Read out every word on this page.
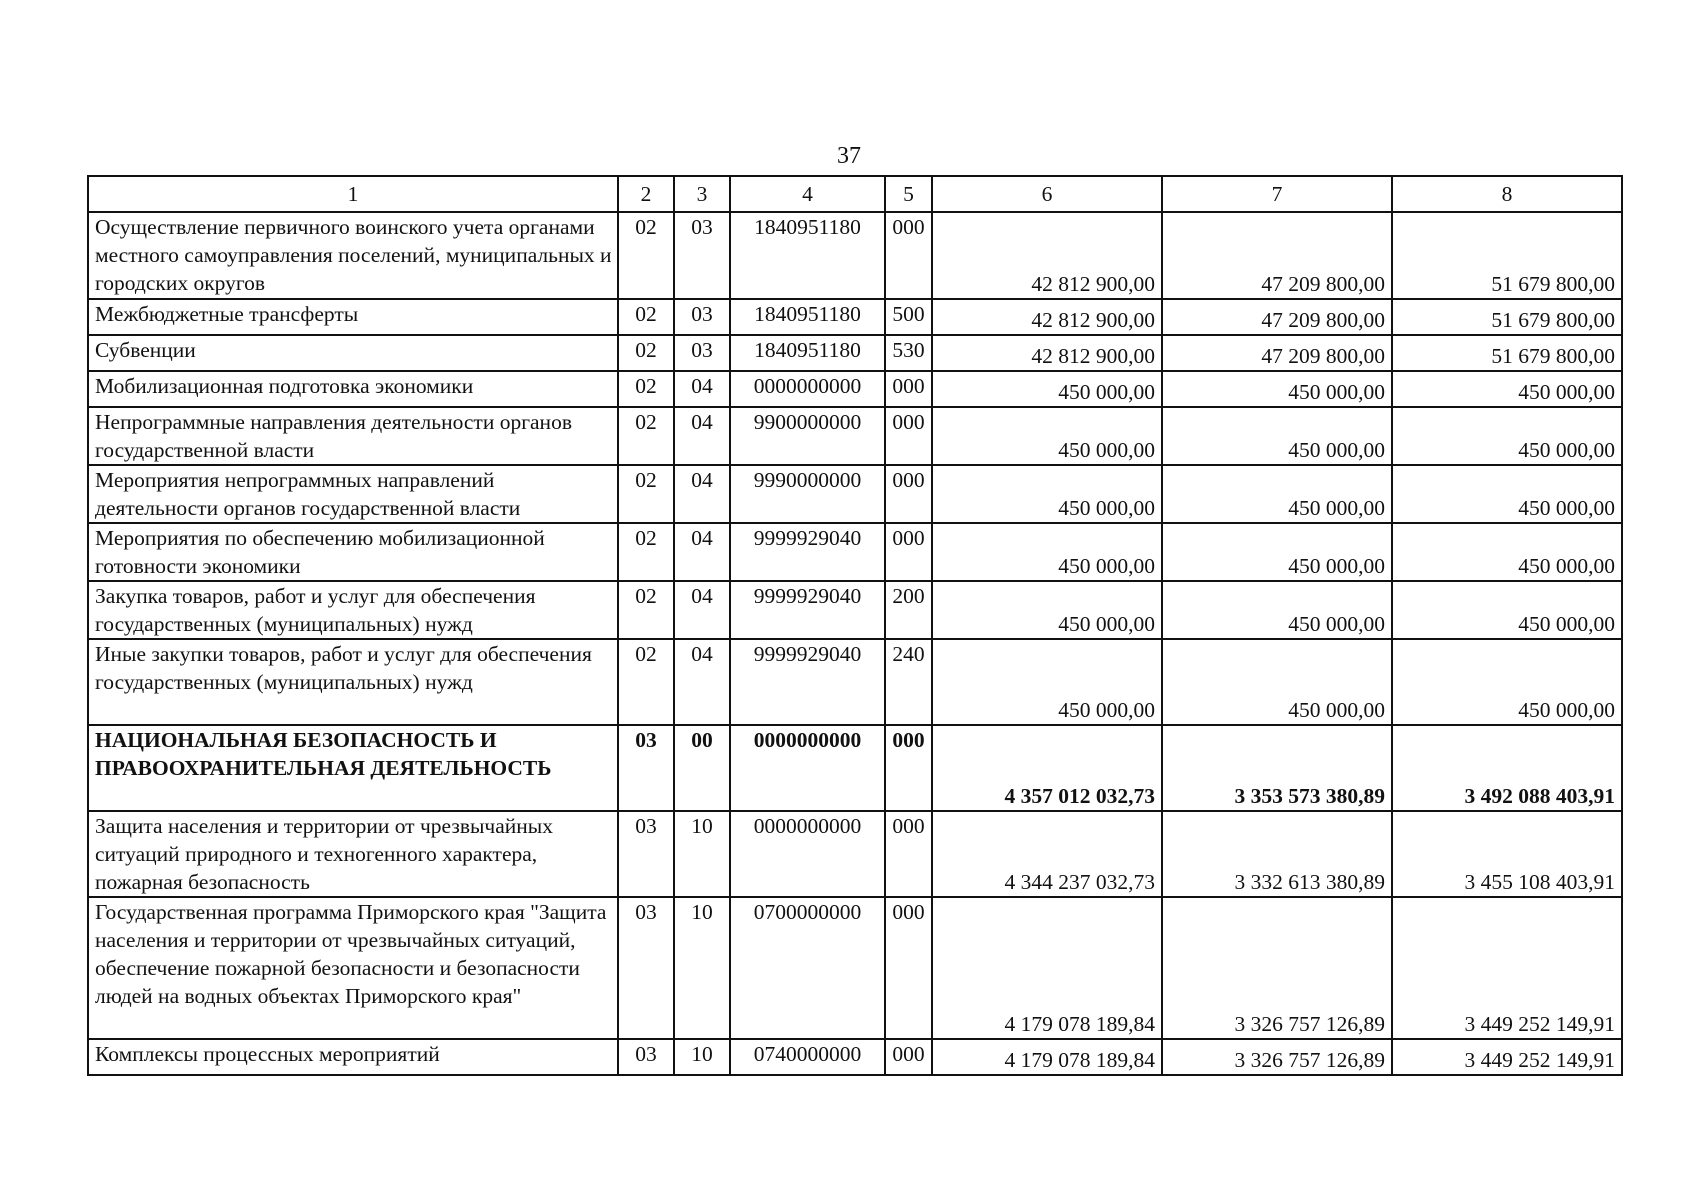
37
1	2	3	4	5	6	7	8
Осуществление первичного воинского учета органами местного самоуправления поселений, муниципальных и городских округов	02	03	1840951180	000	42 812 900,00	47 209 800,00	51 679 800,00
Межбюджетные трансферты	02	03	1840951180	500	42 812 900,00	47 209 800,00	51 679 800,00
Субвенции	02	03	1840951180	530	42 812 900,00	47 209 800,00	51 679 800,00
Мобилизационная подготовка экономики	02	04	0000000000	000	450 000,00	450 000,00	450 000,00
Непрограммные направления деятельности органов государственной власти	02	04	9900000000	000	450 000,00	450 000,00	450 000,00
Мероприятия непрограммных направлений деятельности органов государственной власти	02	04	9990000000	000	450 000,00	450 000,00	450 000,00
Мероприятия по обеспечению мобилизационной готовности экономики	02	04	9999929040	000	450 000,00	450 000,00	450 000,00
Закупка товаров, работ и услуг для обеспечения государственных (муниципальных) нужд	02	04	9999929040	200	450 000,00	450 000,00	450 000,00
Иные закупки товаров, работ и услуг для обеспечения государственных (муниципальных) нужд	02	04	9999929040	240	450 000,00	450 000,00	450 000,00
НАЦИОНАЛЬНАЯ БЕЗОПАСНОСТЬ И ПРАВООХРАНИТЕЛЬНАЯ ДЕЯТЕЛЬНОСТЬ	03	00	0000000000	000	4 357 012 032,73	3 353 573 380,89	3 492 088 403,91
Защита населения и территории от чрезвычайных ситуаций природного и техногенного характера, пожарная безопасность	03	10	0000000000	000	4 344 237 032,73	3 332 613 380,89	3 455 108 403,91
Государственная программа Приморского края "Защита населения и территории от чрезвычайных ситуаций, обеспечение пожарной безопасности и безопасности людей на водных объектах Приморского края"	03	10	0700000000	000	4 179 078 189,84	3 326 757 126,89	3 449 252 149,91
Комплексы процессных мероприятий	03	10	0740000000	000	4 179 078 189,84	3 326 757 126,89	3 449 252 149,91
